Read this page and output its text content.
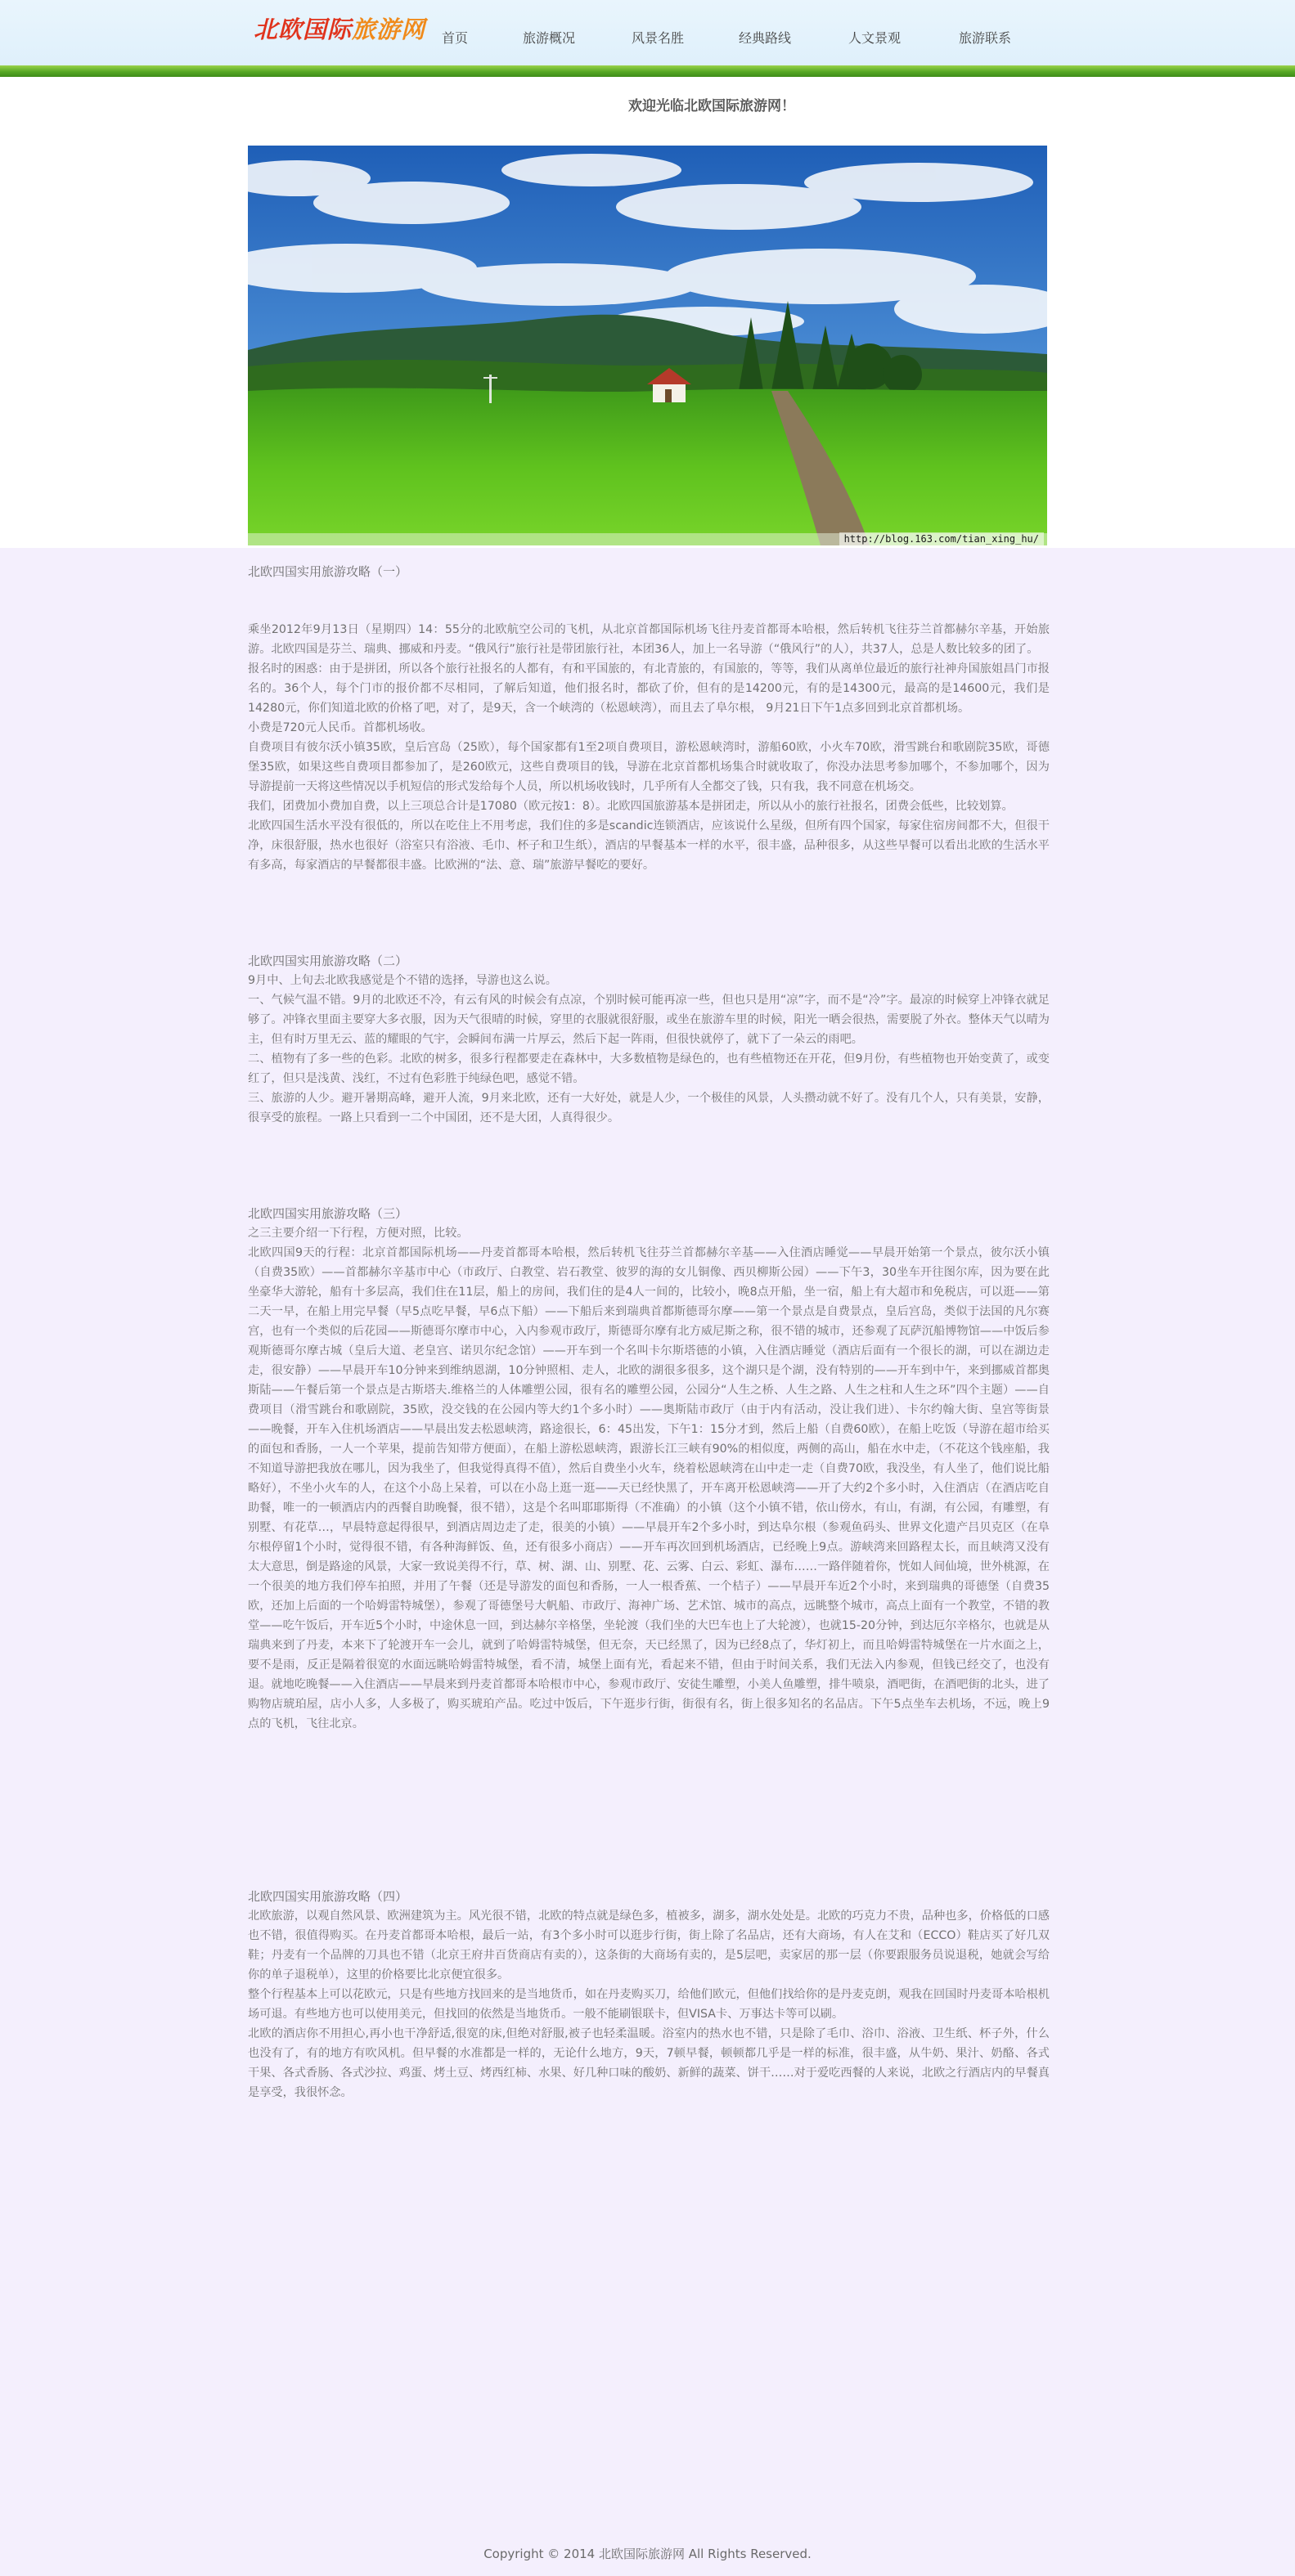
北欧国际旅游网 首页	旅游概况	风景名胜	经典路线	人文景观	旅游联系
欢迎光临北欧国际旅游网！
http://blog.163.com/tian_xing_hu/

北欧四国实用旅游攻略（一）

乘坐2012年9月13日（星期四）14：55分的北欧航空公司的飞机，从北京首都国际机场飞往丹麦首都哥本哈根，然后转机飞往芬兰首都赫尔辛基，开始旅游。北欧四国是芬兰、瑞典、挪威和丹麦。“俄风行”旅行社是带团旅行社，本团36人，加上一名导游（“俄风行”的人），共37人，总是人数比较多的团了。

报名时的困惑：由于是拼团，所以各个旅行社报名的人都有，有和平国旅的，有北青旅的，有国旅的，等等，我们从离单位最近的旅行社神舟国旅姐昌门市报名的。36个人，每个门市的报价都不尽相同，了解后知道，他们报名时，都砍了价，但有的是14200元，有的是14300元，最高的是14600元，我们是14280元，你们知道北欧的价格了吧，对了，是9天，含一个峡湾的（松恩峡湾），而且去了阜尔根， 9月21日下午1点多回到北京首都机场。

小费是720元人民币。首都机场收。

自费项目有彼尔沃小镇35欧，皇后宫岛（25欧），每个国家都有1至2项自费项目，游松恩峡湾时，游船60欧，小火车70欧，滑雪跳台和歌剧院35欧，哥德堡35欧，如果这些自费项目都参加了，是260欧元，这些自费项目的钱，导游在北京首都机场集合时就收取了，你没办法思考参加哪个，不参加哪个，因为导游提前一天将这些情况以手机短信的形式发给每个人员，所以机场收钱时，几乎所有人全都交了钱，只有我，我不同意在机场交。

我们，团费加小费加自费，以上三项总合计是17080（欧元按1：8）。北欧四国旅游基本是拼团走，所以从小的旅行社报名，团费会低些，比较划算。

北欧四国生活水平没有很低的，所以在吃住上不用考虑，我们住的多是scandic连锁酒店，应该说什么星级，但所有四个国家，每家住宿房间都不大，但很干净，床很舒服，热水也很好（浴室只有浴液、毛巾、杯子和卫生纸），酒店的早餐基本一样的水平，很丰盛，品种很多，从这些早餐可以看出北欧的生活水平有多高，每家酒店的早餐都很丰盛。比欧洲的“法、意、瑞”旅游早餐吃的要好。

北欧四国实用旅游攻略（二）

9月中、上旬去北欧我感觉是个不错的选择，导游也这么说。

一、气候气温不错。9月的北欧还不冷，有云有风的时候会有点凉，个别时候可能再凉一些，但也只是用“凉”字，而不是“冷”字。最凉的时候穿上冲锋衣就足够了。冲锋衣里面主要穿大多衣服，因为天气很晴的时候，穿里的衣服就很舒服，或坐在旅游车里的时候，阳光一晒会很热，需要脱了外衣。整体天气以晴为主，但有时万里无云、蓝的耀眼的气宇，会瞬间布满一片厚云，然后下起一阵雨，但很快就停了，就下了一朵云的雨吧。

二、植物有了多一些的色彩。北欧的树多，很多行程都要走在森林中，大多数植物是绿色的，也有些植物还在开花，但9月份，有些植物也开始变黄了，或变红了，但只是浅黄、浅红，不过有色彩胜于纯绿色吧，感觉不错。

三、旅游的人少。避开暑期高峰，避开人流，9月来北欧，还有一大好处，就是人少，一个极佳的风景，人头攒动就不好了。没有几个人，只有美景，安静，很享受的旅程。一路上只看到一二个中国团，还不是大团，人真得很少。

北欧四国实用旅游攻略（三）

之三主要介绍一下行程，方便对照，比较。

北欧四国9天的行程：北京首都国际机场——丹麦首都哥本哈根，然后转机飞往芬兰首都赫尔辛基——入住酒店睡觉——早晨开始第一个景点，彼尔沃小镇（自费35欧）——首都赫尔辛基市中心（市政厅、白教堂、岩石教堂、彼罗的海的女儿铜像、西贝柳斯公园）——下午3，30坐车开往图尔库，因为要在此坐豪华大游轮，船有十多层高，我们住在11层，船上的房间，我们住的是4人一间的，比较小，晚8点开船，坐一宿，船上有大超市和免税店，可以逛——第二天一早，在船上用完早餐（早5点吃早餐，早6点下船）——下船后来到瑞典首都斯德哥尔摩——第一个景点是自费景点，皇后宫岛，类似于法国的凡尔赛宫，也有一个类似的后花园——斯德哥尔摩市中心，入内参观市政厅，斯德哥尔摩有北方威尼斯之称，很不错的城市，还参观了瓦萨沉船博物馆——中饭后参观斯德哥尔摩古城（皇后大道、老皇宫、诺贝尔纪念馆）——开车到一个名叫卡尔斯塔德的小镇，入住酒店睡觉（酒店后面有一个很长的湖，可以在湖边走走，很安静）——早晨开车10分钟来到维纳恩湖，10分钟照相、走人，北欧的湖很多很多，这个湖只是个湖，没有特别的——开车到中午，来到挪威首都奥斯陆——午餐后第一个景点是古斯塔夫.维格兰的人体雕塑公园，很有名的雕塑公园，公园分“人生之桥、人生之路、人生之柱和人生之环”四个主题）——自费项目（滑雪跳台和歌剧院，35欧，没交钱的在公园内等大约1个多小时）——奥斯陆市政厅（由于内有活动，没让我们进）、卡尔约翰大街、皇宫等街景——晚餐，开车入住机场酒店——早晨出发去松恩峡湾，路途很长，6：45出发，下午1：15分才到，然后上船（自费60欧），在船上吃饭（导游在超市给买的面包和香肠，一人一个苹果，提前告知带方便面），在船上游松恩峡湾，跟游长江三峡有90%的相似度，两侧的高山，船在水中走，（不花这个钱座船，我不知道导游把我放在哪儿，因为我坐了，但我觉得真得不值），然后自费坐小火车，绕着松恩峡湾在山中走一走（自费70欧，我没坐，有人坐了，他们说比船略好），不坐小火车的人，在这个小岛上呆着，可以在小岛上逛一逛——天已经快黑了，开车离开松恩峡湾——开了大约2个多小时，入住酒店（在酒店吃自助餐，唯一的一顿酒店内的西餐自助晚餐，很不错），这是个名叫耶耶斯得（不准确）的小镇（这个小镇不错，依山傍水，有山，有湖，有公园，有雕塑，有别墅、有花草…，早晨特意起得很早，到酒店周边走了走，很美的小镇）——早晨开车2个多小时，到达阜尔根（参观鱼码头、世界文化遗产吕贝克区（在阜尔根停留1个小时，觉得很不错，有各种海鲜饭、鱼，还有很多小商店）——开车再次回到机场酒店，已经晚上9点。游峡湾来回路程太长，而且峡湾又没有太大意思，倒是路途的风景，大家一致说美得不行，草、树、湖、山、别墅、花、云雾、白云、彩虹、瀑布……一路伴随着你，恍如人间仙境，世外桃源，在一个很美的地方我们停车拍照，并用了午餐（还是导游发的面包和香肠，一人一根香蕉、一个桔子）——早晨开车近2个小时，来到瑞典的哥德堡（自费35欧，还加上后面的一个哈姆雷特城堡），参观了哥德堡号大帆船、市政厅、海神广场、艺术馆、城市的高点，远眺整个城市，高点上面有一个教堂，不错的教堂——吃午饭后，开车近5个小时，中途休息一回，到达赫尔辛格堡，坐轮渡（我们坐的大巴车也上了大轮渡），也就15-20分钟，到达厄尔辛格尔，也就是从瑞典来到了丹麦，本来下了轮渡开车一会儿，就到了哈姆雷特城堡，但无奈，天已经黑了，因为已经8点了，华灯初上，而且哈姆雷特城堡在一片水面之上，要不是雨，反正是隔着很宽的水面远眺哈姆雷特城堡，看不清，城堡上面有光，看起来不错，但由于时间关系，我们无法入内参观，但钱已经交了，也没有退。就地吃晚餐——入住酒店——早晨来到丹麦首都哥本哈根市中心，参观市政厅、安徒生雕塑，小美人鱼雕塑，排牛喷泉，酒吧街，在酒吧街的北头，进了购物店琥珀屋，店小人多，人多极了，购买琥珀产品。吃过中饭后，下午逛步行街，街很有名，街上很多知名的名品店。下午5点坐车去机场，不远，晚上9点的飞机，飞往北京。

北欧四国实用旅游攻略（四）

北欧旅游，以观自然风景、欧洲建筑为主。风光很不错，北欧的特点就是绿色多，植被多，湖多，湖水处处是。北欧的巧克力不贵，品种也多，价格低的口感也不错，很值得购买。在丹麦首都哥本哈根，最后一站，有3个多小时可以逛步行街，街上除了名品店，还有大商场，有人在艾和（ECCO）鞋店买了好几双鞋；丹麦有一个品牌的刀具也不错（北京王府井百货商店有卖的），这条街的大商场有卖的，是5层吧，卖家居的那一层（你要跟服务员说退税，她就会写给你的单子退税单），这里的价格要比北京便宜很多。

整个行程基本上可以花欧元，只是有些地方找回来的是当地货币，如在丹麦购买刀，给他们欧元，但他们找给你的是丹麦克朗，观我在回国时丹麦哥本哈根机场可退。有些地方也可以使用美元，但找回的依然是当地货币。一般不能刷银联卡，但VISA卡、万事达卡等可以刷。

北欧的酒店你不用担心,再小也干净舒适,很宽的床,但绝对舒服,被子也轻柔温暖。浴室内的热水也不错，只是除了毛巾、浴巾、浴液、卫生纸、杯子外，什么也没有了，有的地方有吹风机。但早餐的水准都是一样的，无论什么地方，9天，7顿早餐，顿顿都几乎是一样的标准，很丰盛，从牛奶、果汁、奶酪、各式干果、各式香肠、各式沙拉、鸡蛋、烤土豆、烤西红柿、水果、好几种口味的酸奶、新鲜的蔬菜、饼干……对于爱吃西餐的人来说，北欧之行酒店内的早餐真是享受，我很怀念。

Copyright © 2014 北欧国际旅游网 All Rights Reserved.
